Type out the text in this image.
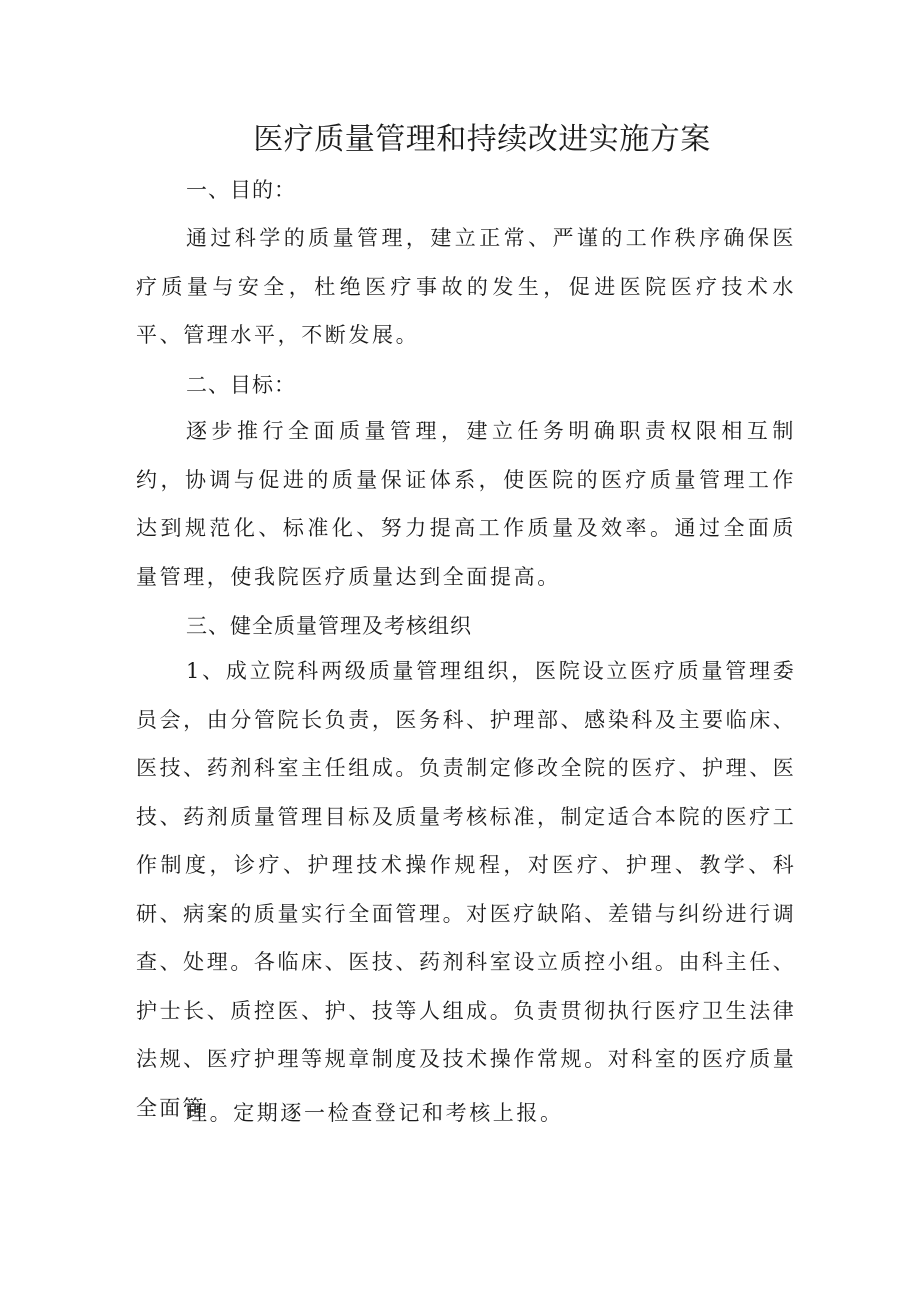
医疗质量管理和持续改进实施方案
一、目的：
通过科学的质量管理，建立正常、严谨的工作秩序确保医疗质量与安全，杜绝医疗事故的发生，促进医院医疗技术水平、管理水平，不断发展。
二、目标：
逐步推行全面质量管理，建立任务明确职责权限相互制约，协调与促进的质量保证体系，使医院的医疗质量管理工作达到规范化、标准化、努力提高工作质量及效率。通过全面质量管理，使我院医疗质量达到全面提高。
三、健全质量管理及考核组织
1、成立院科两级质量管理组织，医院设立医疗质量管理委员会，由分管院长负责，医务科、护理部、感染科及主要临床、医技、药剂科室主任组成。负责制定修改全院的医疗、护理、医技、药剂质量管理目标及质量考核标准，制定适合本院的医疗工作制度，诊疗、护理技术操作规程，对医疗、护理、教学、科研、病案的质量实行全面管理。对医疗缺陷、差错与纠纷进行调查、处理。各临床、医技、药剂科室设立质控小组。由科主任、护士长、质控医、护、技等人组成。负责贯彻执行医疗卫生法律法规、医疗护理等规章制度及技术操作常规。对科室的医疗质量全面管
理。定期逐一检查登记和考核上报。
